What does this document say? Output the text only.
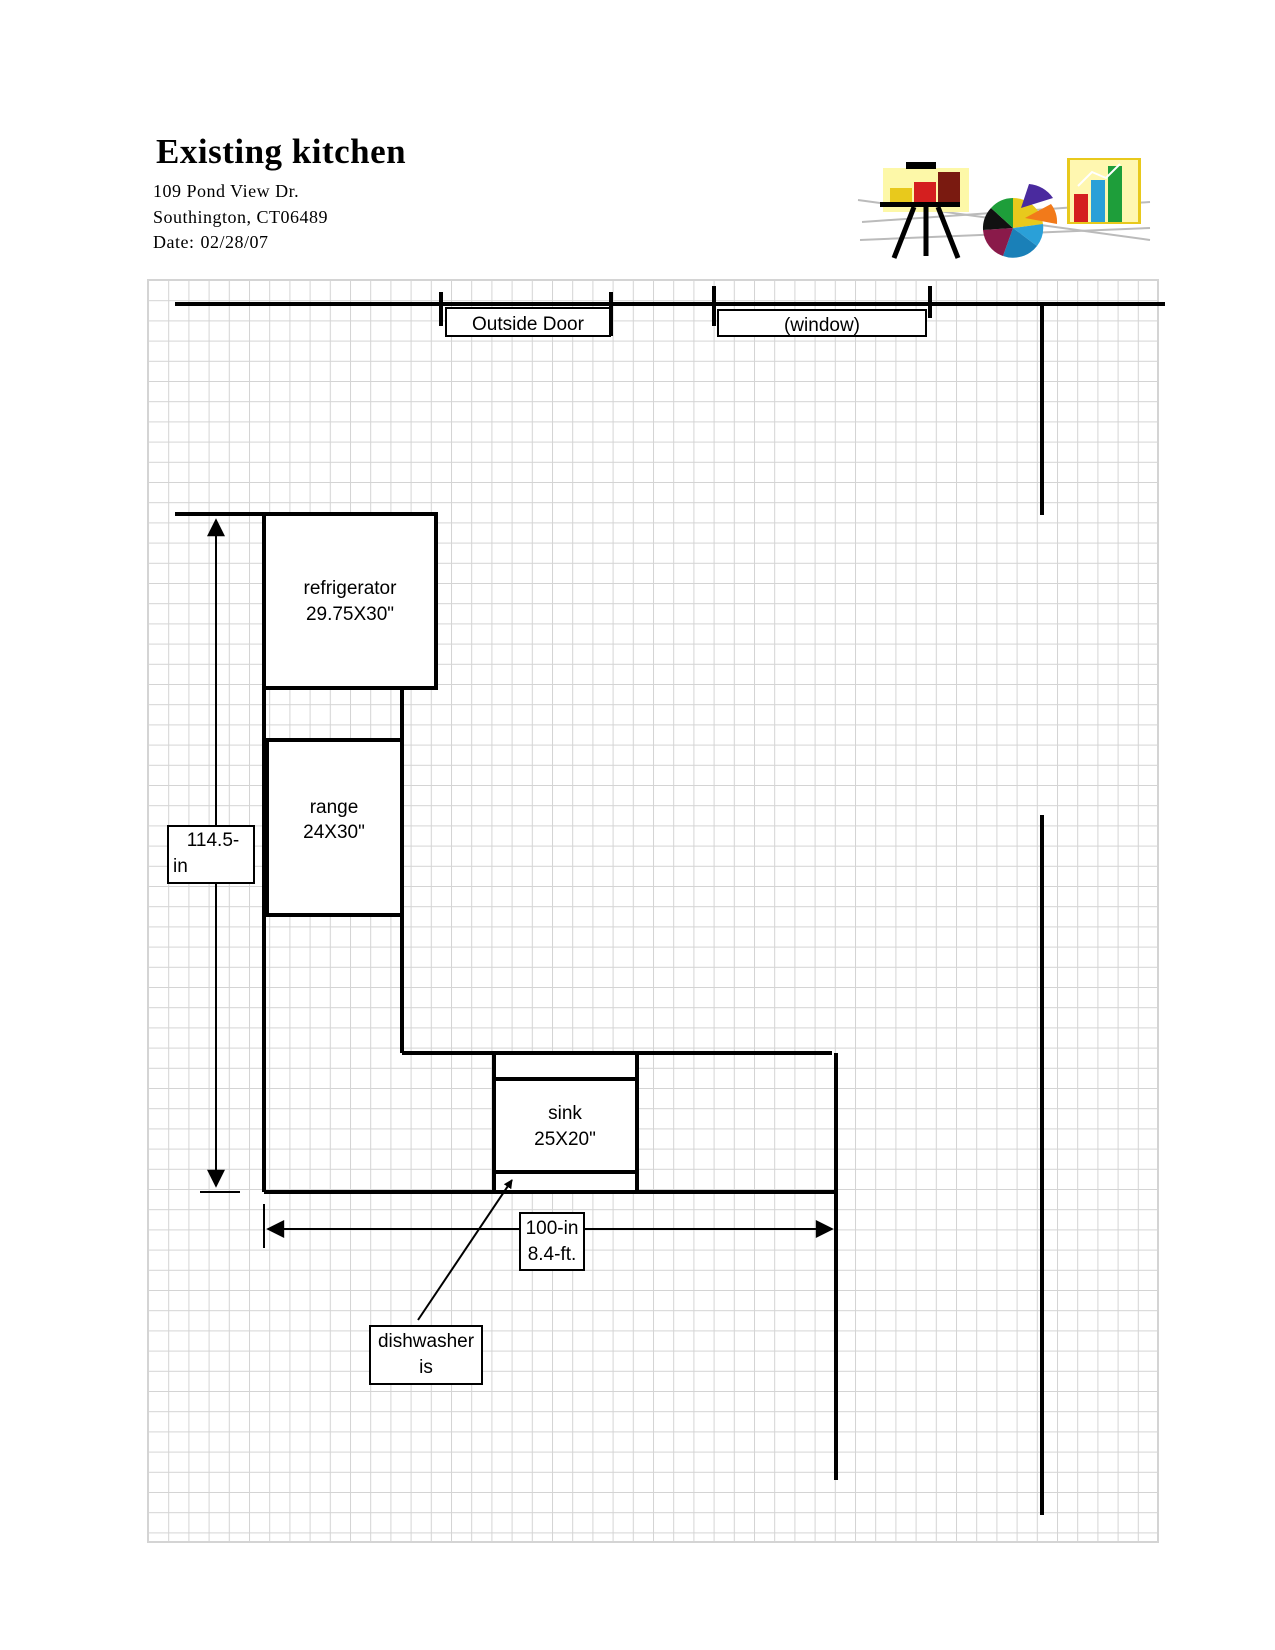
Existing kitchen
109 Pond View Dr.
Southington, CT06489
Date: 02/28/07
Outside Door	(window)
refrigerator
29.75X30"
range
24X30"
sink
25X20"
114.5-
in
100-in
8.4-ft.
dishwasher
is
